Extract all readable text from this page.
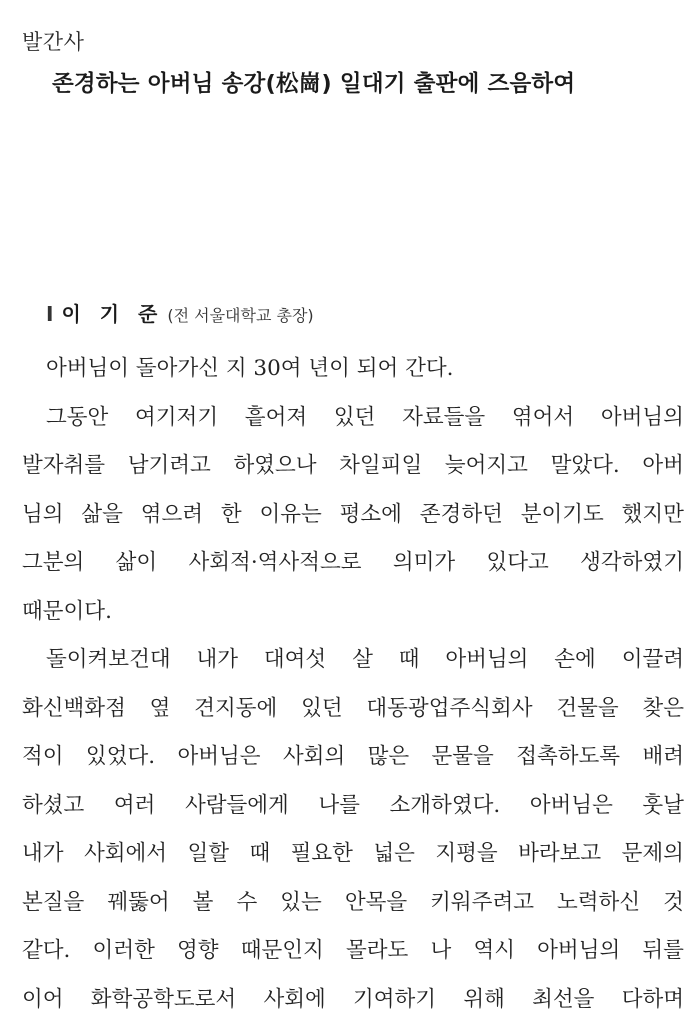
발간사
존경하는 아버님 송강(松崗) 일대기 출판에 즈음하여
I 이 기 준 (전 서울대학교 총장)
아버님이 돌아가신 지 30여 년이 되어 간다.
그동안 여기저기 흩어져 있던 자료들을 엮어서 아버님의
발자취를 남기려고 하였으나 차일피일 늦어지고 말았다. 아버
님의 삶을 엮으려 한 이유는 평소에 존경하던 분이기도 했지만
그분의 삶이 사회적·역사적으로 의미가 있다고 생각하였기
때문이다.
돌이켜보건대 내가 대여섯 살 때 아버님의 손에 이끌려
화신백화점 옆 견지동에 있던 대동광업주식회사 건물을 찾은
적이 있었다. 아버님은 사회의 많은 문물을 접촉하도록 배려
하셨고 여러 사람들에게 나를 소개하였다. 아버님은 훗날
내가 사회에서 일할 때 필요한 넓은 지평을 바라보고 문제의
본질을 꿰뚫어 볼 수 있는 안목을 키워주려고 노력하신 것
같다. 이러한 영향 때문인지 몰라도 나 역시 아버님의 뒤를
이어 화학공학도로서 사회에 기여하기 위해 최선을 다하며
